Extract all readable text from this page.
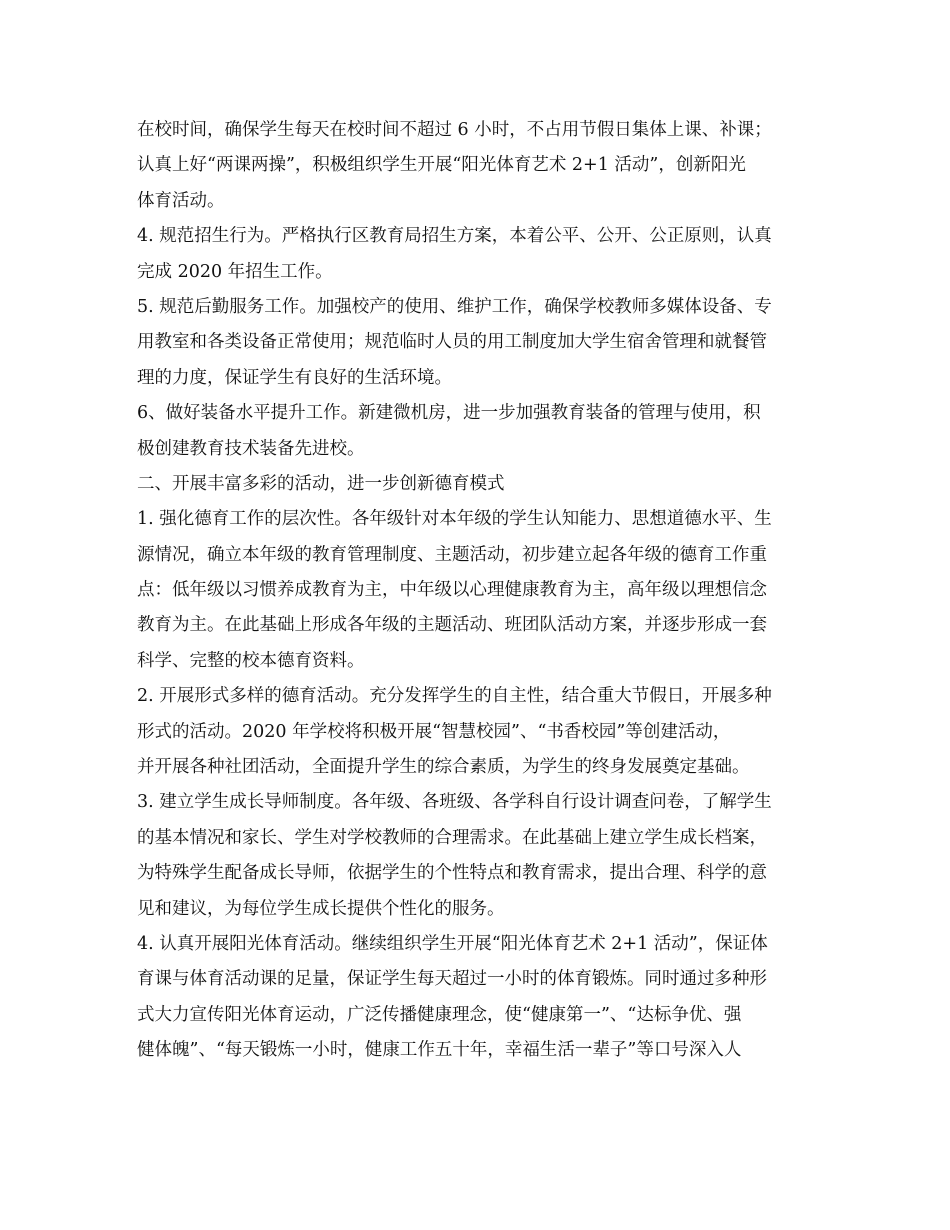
在校时间，确保学生每天在校时间不超过 6 小时，不占用节假日集体上课、补课；
认真上好“两课两操”，积极组织学生开展“阳光体育艺术 2+1 活动”，创新阳光
体育活动。
4. 规范招生行为。严格执行区教育局招生方案，本着公平、公开、公正原则，认真
完成 2020 年招生工作。
5. 规范后勤服务工作。加强校产的使用、维护工作，确保学校教师多媒体设备、专
用教室和各类设备正常使用；规范临时人员的用工制度加大学生宿舍管理和就餐管
理的力度，保证学生有良好的生活环境。
6、做好装备水平提升工作。新建微机房，进一步加强教育装备的管理与使用，积
极创建教育技术装备先进校。
二、开展丰富多彩的活动，进一步创新德育模式
1. 强化德育工作的层次性。各年级针对本年级的学生认知能力、思想道德水平、生
源情况，确立本年级的教育管理制度、主题活动，初步建立起各年级的德育工作重
点：低年级以习惯养成教育为主，中年级以心理健康教育为主，高年级以理想信念
教育为主。在此基础上形成各年级的主题活动、班团队活动方案，并逐步形成一套
科学、完整的校本德育资料。
2. 开展形式多样的德育活动。充分发挥学生的自主性，结合重大节假日，开展多种
形式的活动。2020 年学校将积极开展“智慧校园”、“书香校园”等创建活动，
并开展各种社团活动，全面提升学生的综合素质，为学生的终身发展奠定基础。
3. 建立学生成长导师制度。各年级、各班级、各学科自行设计调查问卷，了解学生
的基本情况和家长、学生对学校教师的合理需求。在此基础上建立学生成长档案，
为特殊学生配备成长导师，依据学生的个性特点和教育需求，提出合理、科学的意
见和建议，为每位学生成长提供个性化的服务。
4. 认真开展阳光体育活动。继续组织学生开展“阳光体育艺术 2+1 活动”，保证体
育课与体育活动课的足量，保证学生每天超过一小时的体育锻炼。同时通过多种形
式大力宣传阳光体育运动，广泛传播健康理念，使“健康第一”、“达标争优、强
健体魄”、“每天锻炼一小时，健康工作五十年，幸福生活一辈子”等口号深入人
